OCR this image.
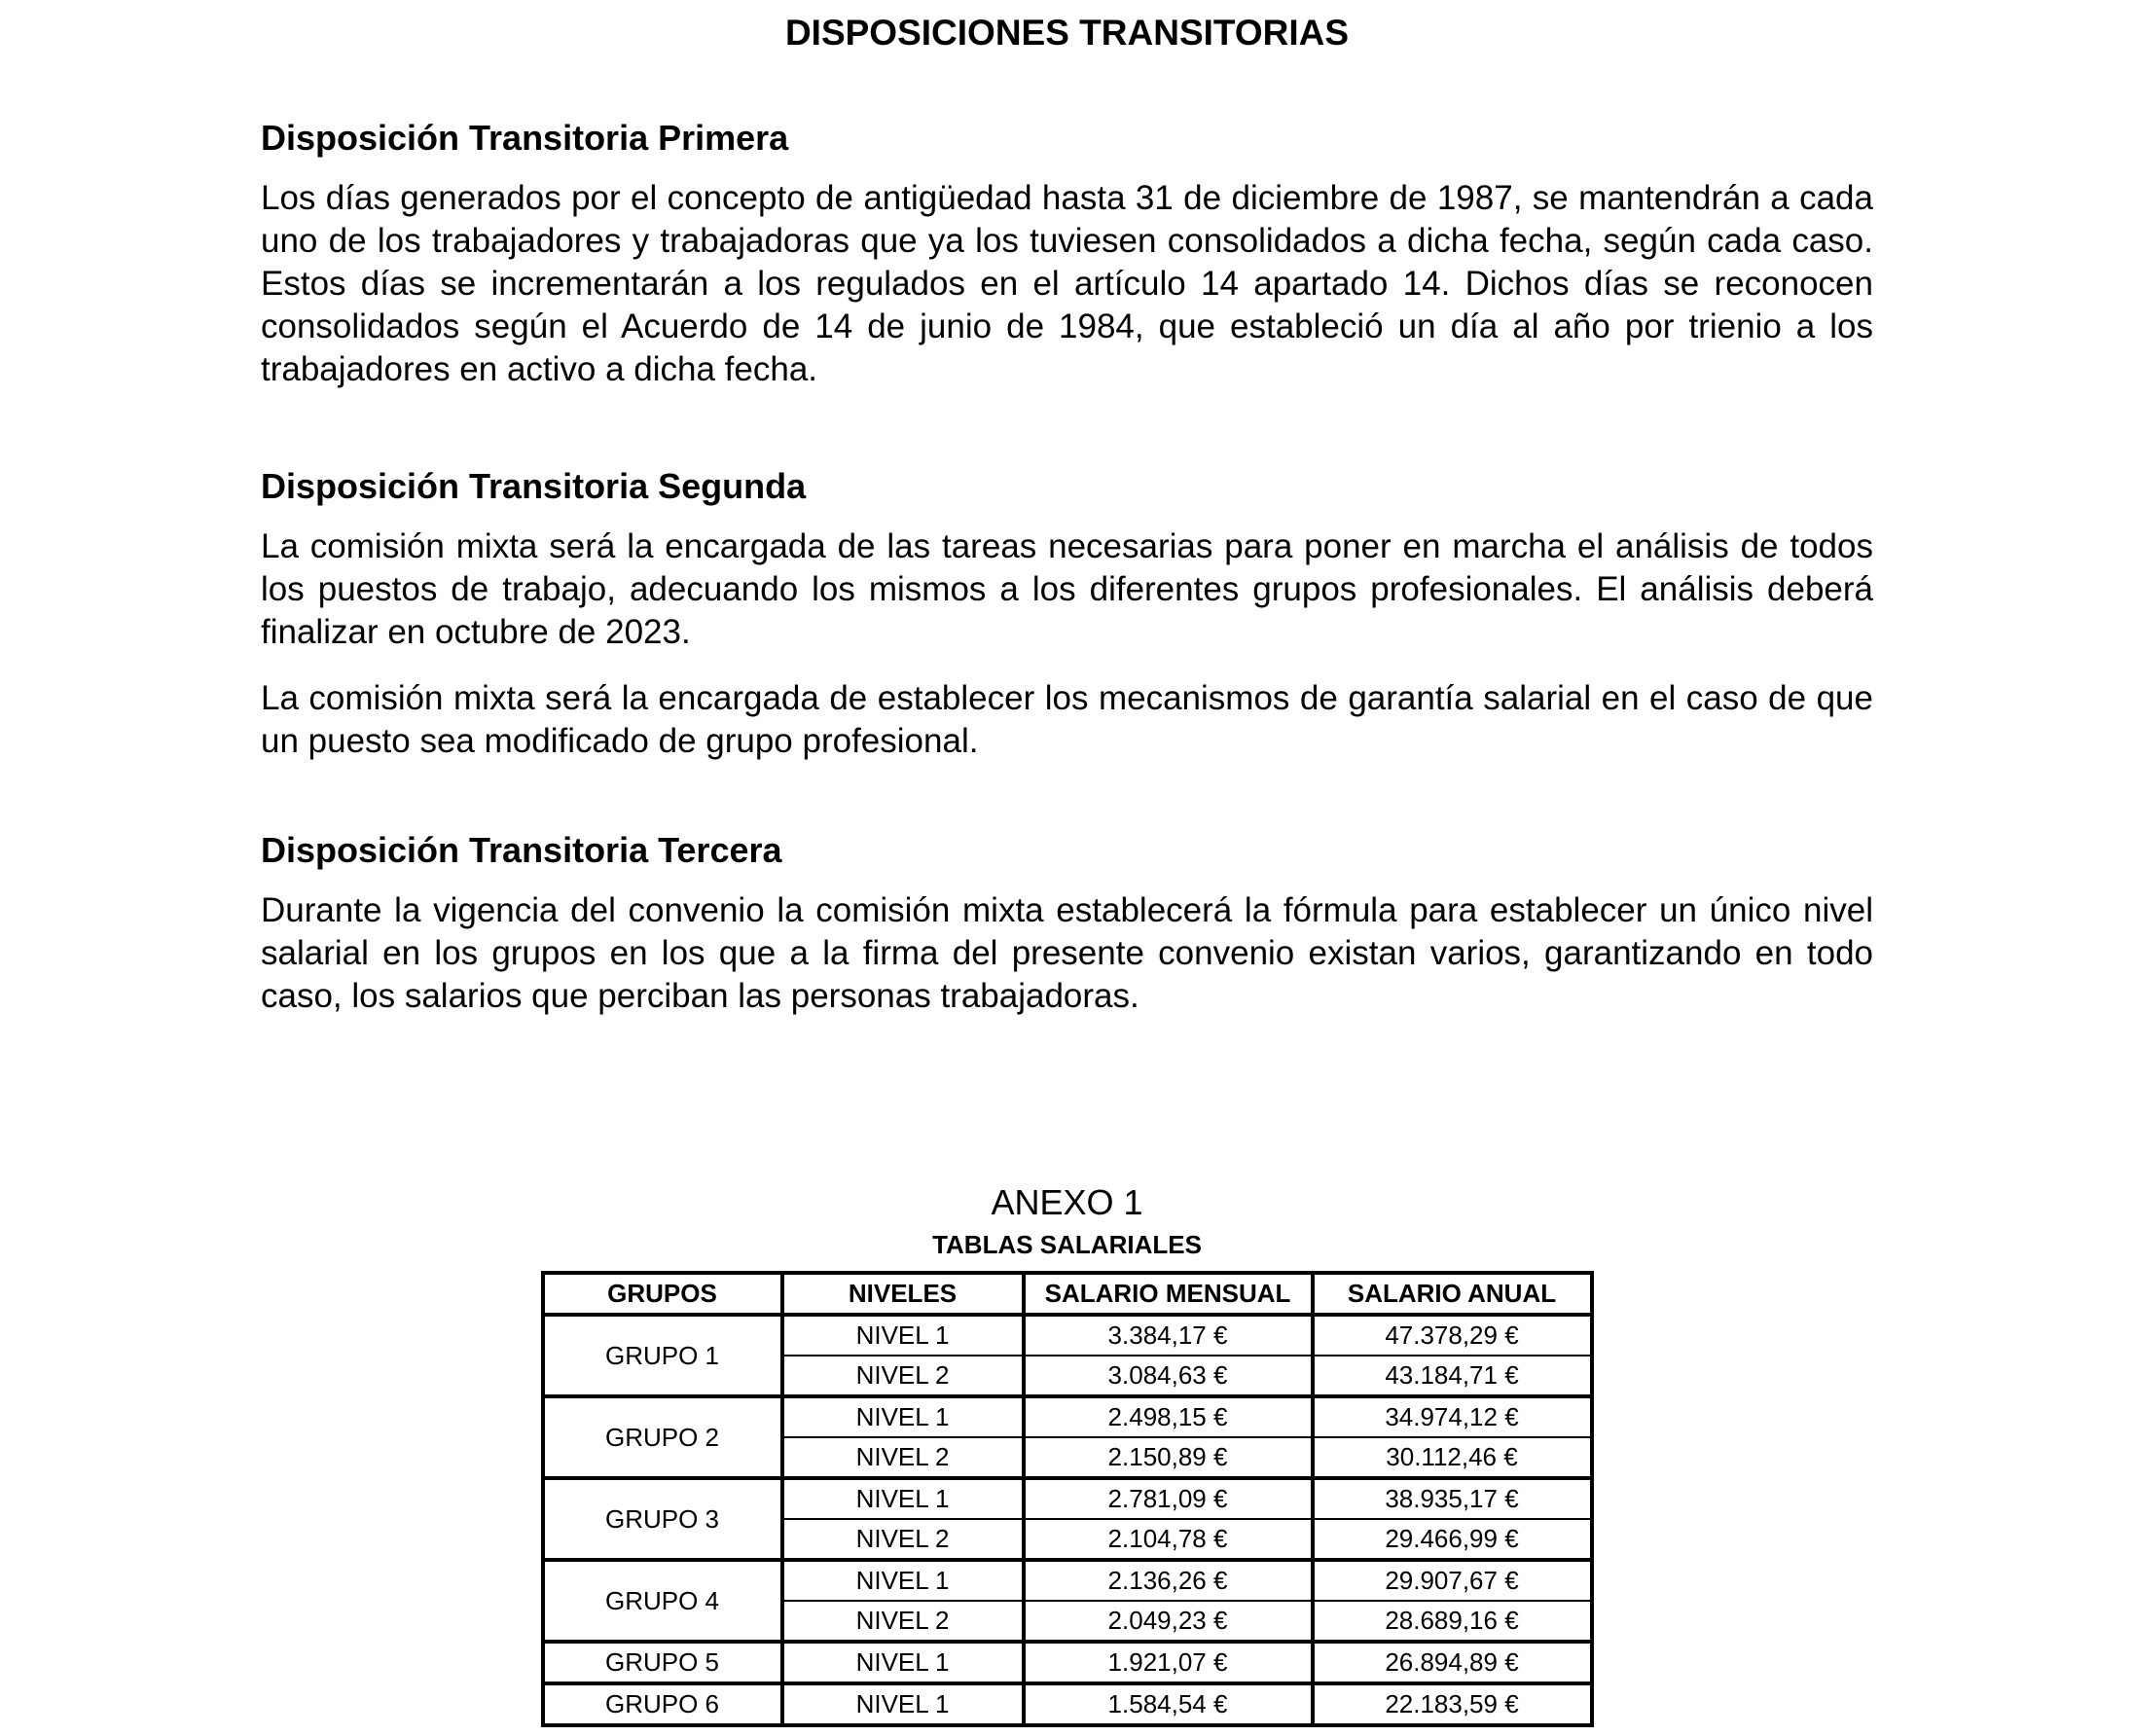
DISPOSICIONES TRANSITORIAS
Disposición Transitoria Primera

Los días generados por el concepto de antigüedad hasta 31 de diciembre de 1987, se mantendrán a cada uno de los trabajadores y trabajadoras que ya los tuviesen consolidados a dicha fecha, según cada caso. Estos días se incrementarán a los regulados en el artículo 14 apartado 14. Dichos días se reconocen consolidados según el Acuerdo de 14 de junio de 1984, que estableció un día al año por trienio a los trabajadores en activo a dicha fecha.

Disposición Transitoria Segunda

La comisión mixta será la encargada de las tareas necesarias para poner en marcha el análisis de todos los puestos de trabajo, adecuando los mismos a los diferentes grupos profesionales. El análisis deberá finalizar en octubre de 2023.

La comisión mixta será la encargada de establecer los mecanismos de garantía salarial en el caso de que un puesto sea modificado de grupo profesional.

Disposición Transitoria Tercera

Durante la vigencia del convenio la comisión mixta establecerá la fórmula para establecer un único nivel salarial en los grupos en los que a la firma del presente convenio existan varios, garantizando en todo caso, los salarios que perciban las personas trabajadoras.

ANEXO 1
TABLAS SALARIALES
GRUPOS	NIVELES	SALARIO MENSUAL	SALARIO ANUAL
GRUPO 1	NIVEL 1	3.384,17 €	47.378,29 €
	NIVEL 2	3.084,63 €	43.184,71 €
GRUPO 2	NIVEL 1	2.498,15 €	34.974,12 €
	NIVEL 2	2.150,89 €	30.112,46 €
GRUPO 3	NIVEL 1	2.781,09 €	38.935,17 €
	NIVEL 2	2.104,78 €	29.466,99 €
GRUPO 4	NIVEL 1	2.136,26 €	29.907,67 €
	NIVEL 2	2.049,23 €	28.689,16 €
GRUPO 5	NIVEL 1	1.921,07 €	26.894,89 €
GRUPO 6	NIVEL 1	1.584,54 €	22.183,59 €
